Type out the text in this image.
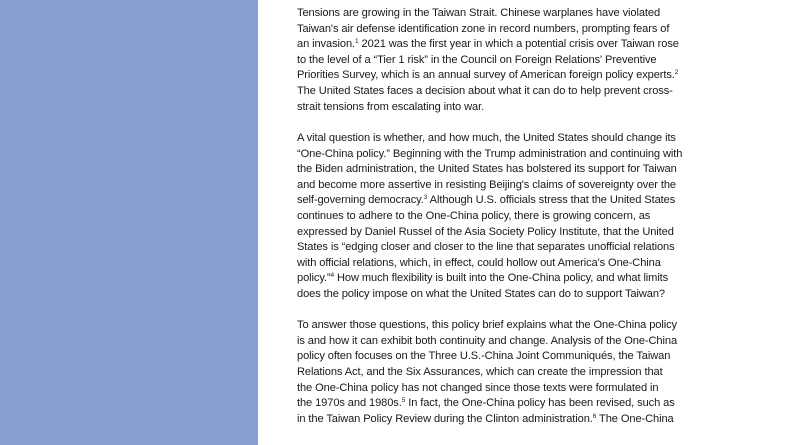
Tensions are growing in the Taiwan Strait. Chinese warplanes have violated
Taiwan's air defense identification zone in record numbers, prompting fears of
an invasion.$^1$ 2021 was the first year in which a potential crisis over Taiwan rose
to the level of a “Tier 1 risk” in the Council on Foreign Relations' Preventive
Priorities Survey, which is an annual survey of American foreign policy experts.$^2$
The United States faces a decision about what it can do to help prevent cross-
strait tensions from escalating into war.

A vital question is whether, and how much, the United States should change its
“One-China policy.” Beginning with the Trump administration and continuing with
the Biden administration, the United States has bolstered its support for Taiwan
and become more assertive in resisting Beijing's claims of sovereignty over the
self-governing democracy.$^3$ Although U.S. officials stress that the United States
continues to adhere to the One-China policy, there is growing concern, as
expressed by Daniel Russel of the Asia Society Policy Institute, that the United
States is “edging closer and closer to the line that separates unofficial relations
with official relations, which, in effect, could hollow out America's One-China
policy.”$^4$ How much flexibility is built into the One-China policy, and what limits
does the policy impose on what the United States can do to support Taiwan?

To answer those questions, this policy brief explains what the One-China policy
is and how it can exhibit both continuity and change. Analysis of the One-China
policy often focuses on the Three U.S.-China Joint Communiqués, the Taiwan
Relations Act, and the Six Assurances, which can create the impression that
the One-China policy has not changed since those texts were formulated in
the 1970s and 1980s.$^5$ In fact, the One-China policy has been revised, such as
in the Taiwan Policy Review during the Clinton administration.$^6$ The One-China
